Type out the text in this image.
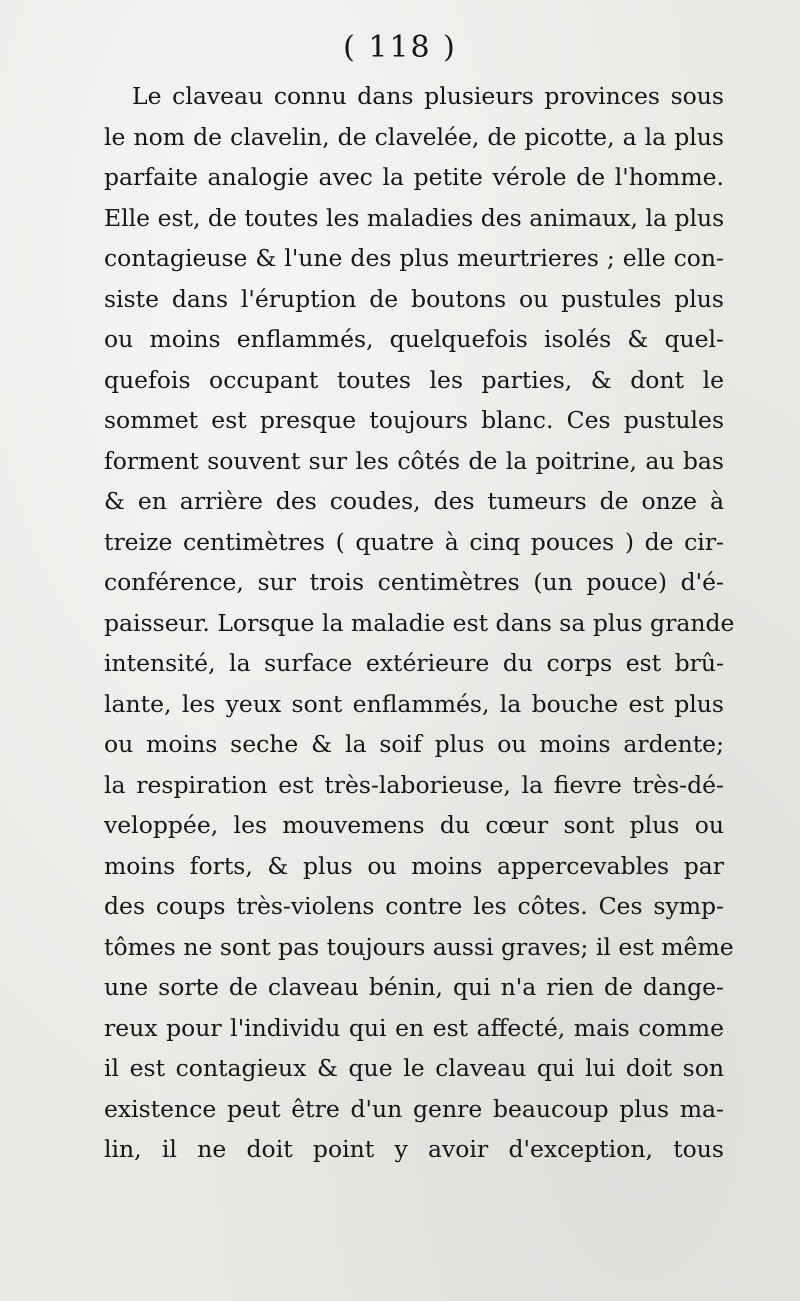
( 118 )
Le claveau connu dans plusieurs provinces sous
le nom de clavelin, de clavelée, de picotte, a la plus
parfaite analogie avec la petite vérole de l'homme.
Elle est, de toutes les maladies des animaux, la plus
contagieuse & l'une des plus meurtrieres ; elle con-
siste dans l'éruption de boutons ou pustules plus
ou moins enflammés, quelquefois isolés & quel-
quefois occupant toutes les parties, & dont le
sommet est presque toujours blanc. Ces pustules
forment souvent sur les côtés de la poitrine, au bas
& en arrière des coudes, des tumeurs de onze à
treize centimètres ( quatre à cinq pouces ) de cir-
conférence, sur trois centimètres (un pouce) d'é-
paisseur. Lorsque la maladie est dans sa plus grande
intensité, la surface extérieure du corps est brû-
lante, les yeux sont enflammés, la bouche est plus
ou moins seche & la soif plus ou moins ardente;
la respiration est très-laborieuse, la fievre très-dé-
veloppée, les mouvemens du cœur sont plus ou
moins forts, & plus ou moins appercevables par
des coups très-violens contre les côtes. Ces symp-
tômes ne sont pas toujours aussi graves; il est même
une sorte de claveau bénin, qui n'a rien de dange-
reux pour l'individu qui en est affecté, mais comme
il est contagieux & que le claveau qui lui doit son
existence peut être d'un genre beaucoup plus ma-
lin, il ne doit point y avoir d'exception, tous
